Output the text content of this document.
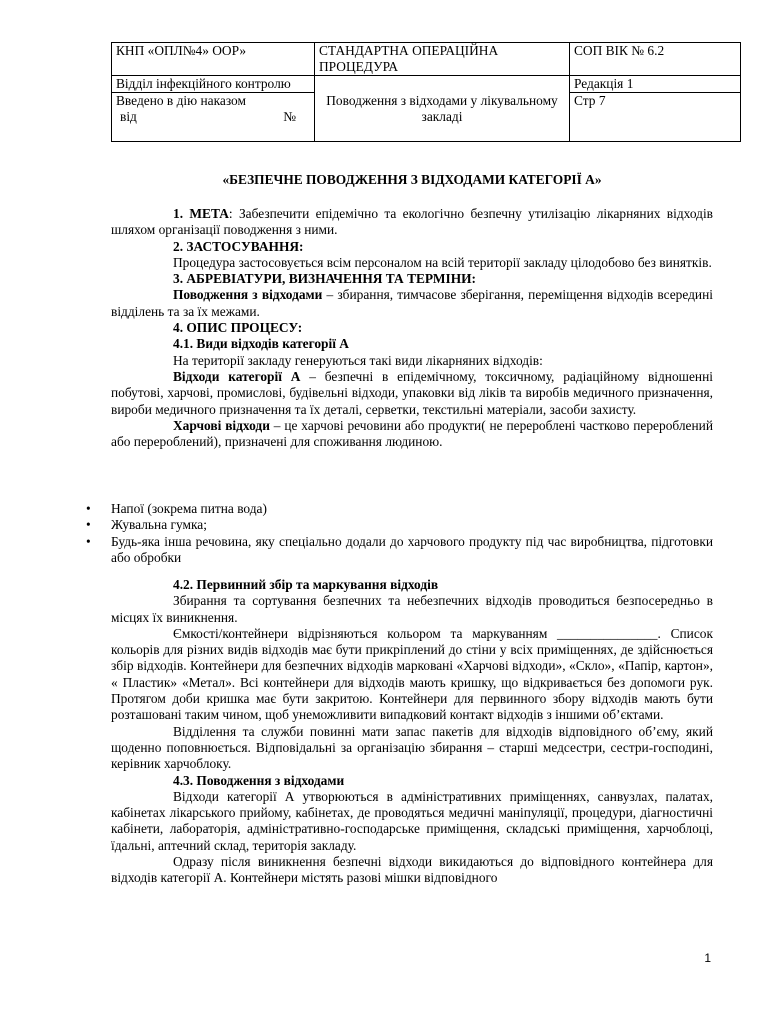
КНП «ОПЛ№4» ООР»	СТАНДАРТНА ОПЕРАЦІЙНА ПРОЦЕДУРА	СОП ВІК № 6.2
Відділ інфекційного контролю	Поводження з відходами у лікувальному закладі	Редакція 1

Введено в дію наказом
від №		Стр 7
«БЕЗПЕЧНЕ ПОВОДЖЕННЯ З ВІДХОДАМИ КАТЕГОРІЇ А»

1. МЕТА: Забезпечити епідемічно та екологічно безпечну утилізацію лікарняних відходів шляхом організації поводження з ними.

2. ЗАСТОСУВАННЯ:

Процедура застосовується всім персоналом на всій території закладу цілодобово без винятків.

3. АБРЕВІАТУРИ, ВИЗНАЧЕННЯ ТА ТЕРМІНИ:

Поводження з відходами – збирання, тимчасове зберігання, переміщення відходів всередині відділень та за їх межами.

4. ОПИС ПРОЦЕСУ:

4.1. Види відходів категорії А

На території закладу генеруються такі види лікарняних відходів:

Відходи категорії А – безпечні в епідемічному, токсичному, радіаційному відношенні побутові, харчові, промислові, будівельні відходи, упаковки від ліків та виробів медичного призначення, вироби медичного призначення та їх деталі, серветки, текстильні матеріали, засоби захисту.

Харчові відходи – це харчові речовини або продукти( не перероблені частково перероблений або перероблений), призначені для споживання людиною.

• Напої (зокрема питна вода)
• Жувальна гумка;
• Будь-яка інша речовина, яку спеціально додали до харчового продукту під час виробництва, підготовки або обробки

4.2. Первинний збір та маркування відходів

Збирання та сортування безпечних та небезпечних відходів проводиться безпосередньо в місцях їх виникнення.

Ємкості/контейнери відрізняються кольором та маркуванням _______________. Список кольорів для різних видів відходів має бути прикріплений до стіни у всіх приміщеннях, де здійснюється збір відходів. Контейнери для безпечних відходів марковані «Харчові відходи», «Скло», «Папір, картон», « Пластик» «Метал». Всі контейнери для відходів мають кришку, що відкривається без допомоги рук. Протягом доби кришка має бути закритою. Контейнери для первинного збору відходів мають бути розташовані таким чином, щоб унеможливити випадковий контакт відходів з іншими об’єктами.

Відділення та служби повинні мати запас пакетів для відходів відповідного об’єму, який щоденно поповнюється. Відповідальні за організацію збирання – старші медсестри, сестри-господині, керівник харчоблоку.

4.3. Поводження з відходами

Відходи категорії А утворюються в адміністративних приміщеннях, санвузлах, палатах, кабінетах лікарського прийому, кабінетах, де проводяться медичні маніпуляції, процедури, діагностичні кабінети, лабораторія, адміністративно-господарське приміщення, складські приміщення, харчоблоці, їдальні, аптечний склад, територія закладу.

Одразу після виникнення безпечні відходи викидаються до відповідного контейнера для відходів категорії А. Контейнери містять разові мішки відповідного

1
